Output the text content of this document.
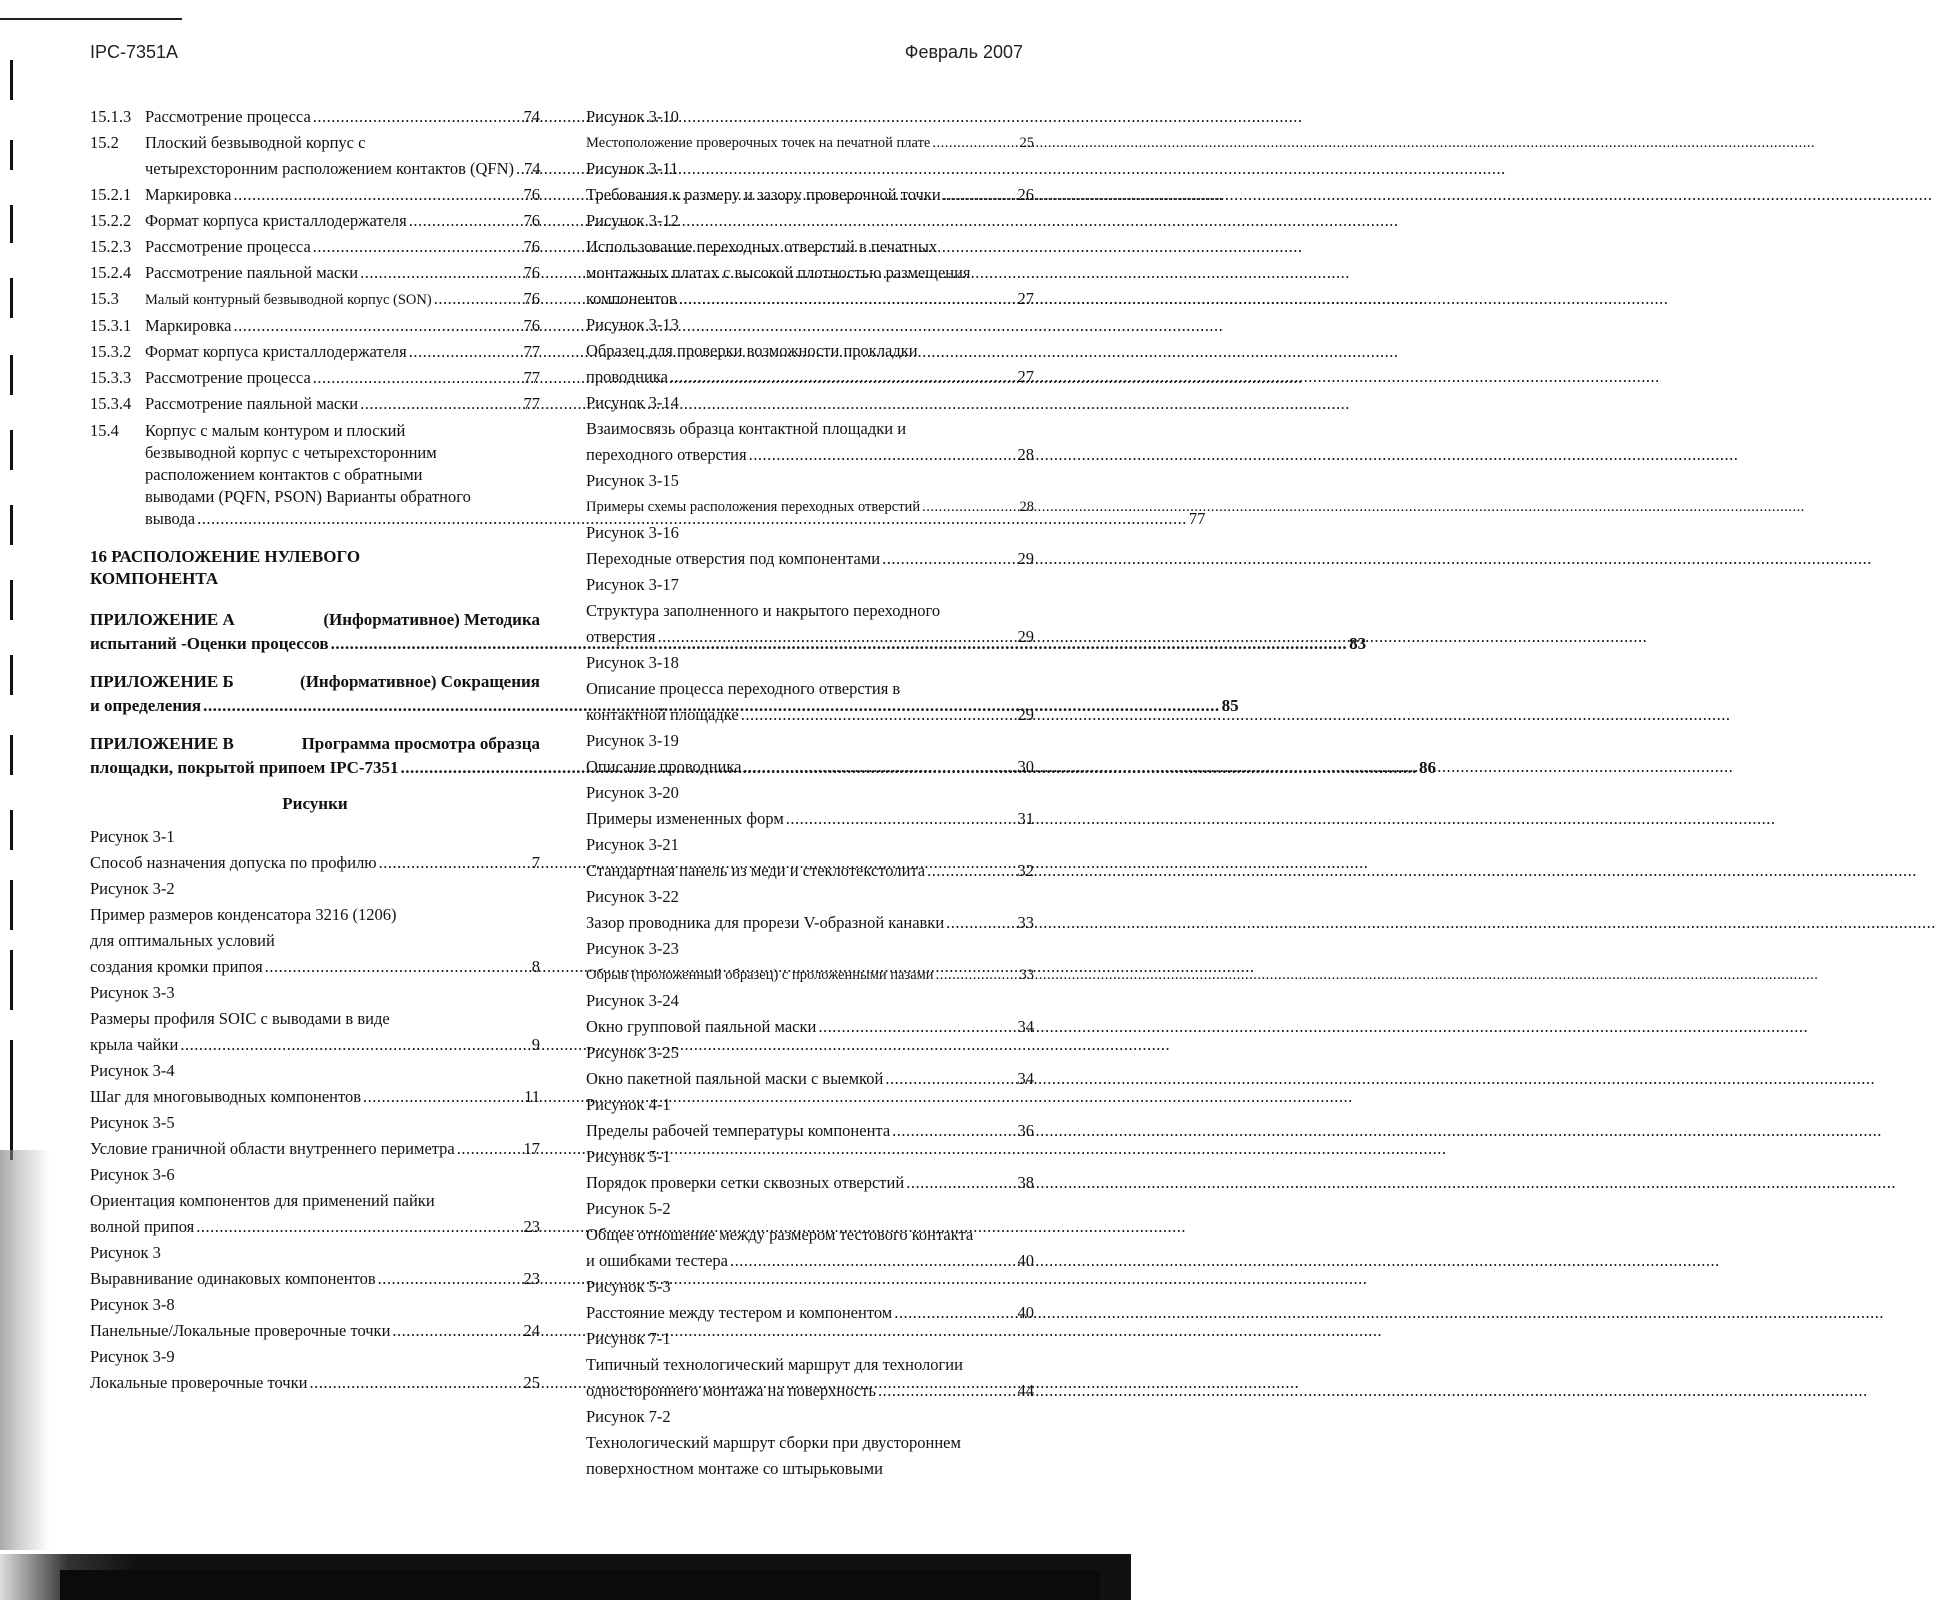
IPC-7351A	Февраль 2007
15.1.3 Рассмотрение процесса .....	74
15.2	Плоский безвыводной корпус с
четырехсторонним расположением контактов (QFN) ..... 74
15.2.1 Маркировка .....	76
15.2.2 Формат корпуса кристаллодержателя .....	76
15.2.3 Рассмотрение процесса .....	76
15.2.4 Рассмотрение паяльной маски .....	76
15.3	Малый контурный безвыводной корпус (SON) .....	76
15.3.1 Маркировка .....	76
15.3.2 Формат корпуса кристаллодержателя .....	77
15.3.3 Рассмотрение процесса .....	77
15.3.4 Рассмотрение паяльной маски .....	77
15.4	Корпус с малым контуром и плоский
безвыводной корпус с четырехсторонним
расположением контактов с обратными
выводами (PQFN, PSON) Варианты обратного
вывода .....	77
16 РАСПОЛОЖЕНИЕ НУЛЕВОГО
КОМПОНЕНТА
ПРИЛОЖЕНИЕ А	(Информативное) Методика
испытаний -Оценки процессов .....	83
ПРИЛОЖЕНИЕ Б	(Информативное) Сокращения
и определения .....	85
ПРИЛОЖЕНИЕ В	Программа просмотра образца
площадки, покрытой припоем IPC-7351 .....	86
Рисунки
Рисунок 3-1
Способ назначения допуска по профилю .....	7
Рисунок 3-2
Пример размеров конденсатора 3216 (1206)
для оптимальных условий
создания кромки припоя .....	8
Рисунок 3-3
Размеры профиля SOIC с выводами в виде
крыла чайки .....	9
Рисунок 3-4
Шаг для многовыводных компонентов .....	11
Рисунок 3-5
Условие граничной области внутреннего периметра .....	17
Рисунок 3-6
Ориентация компонентов для применений пайки
волной припоя .....	23
Рисунок 3
Выравнивание одинаковых компонентов .....	23
Рисунок 3-8
Панельные/Локальные проверочные точки .....	24
Рисунок 3-9
Локальные проверочные точки .....	25
Рисунок 3-10
Местоположение проверочных точек на печатной плате .....	25
Рисунок 3-11
Требования к размеру и зазору проверочной точки .....	26
Рисунок 3-12
Использование переходных отверстий в печатных
монтажных платах с высокой плотностью размещения
компонентов .....	27
Рисунок 3-13
Образец для проверки возможности прокладки
проводника .....	27
Рисунок 3-14
Взаимосвязь образца контактной площадки и
переходного отверстия .....	28
Рисунок 3-15
Примеры схемы расположения переходных отверстий .....	28
Рисунок 3-16
Переходные отверстия под компонентами .....	29
Рисунок 3-17
Структура заполненного и накрытого переходного
отверстия .....	29
Рисунок 3-18
Описание процесса переходного отверстия в
контактной площадке .....	29
Рисунок 3-19
Описание проводника .....	30
Рисунок 3-20
Примеры измененных форм .....	31
Рисунок 3-21
Стандартная панель из меди и стеклотекстолита .....	32
Рисунок 3-22
Зазор проводника для прорези V-образной канавки .....	33
Рисунок 3-23
Обрыв (проложенный образец) с проложенными пазами .....	33
Рисунок 3-24
Окно групповой паяльной маски .....	34
Рисунок 3-25
Окно пакетной паяльной маски с выемкой .....	34
Рисунок 4-1
Пределы рабочей температуры компонента .....	36
Рисунок 5-1
Порядок проверки сетки сквозных отверстий .....	38
Рисунок 5-2
Общее отношение между размером тестового контакта
и ошибками тестера .....	40
Рисунок 5-3
Расстояние между тестером и компонентом .....	40
Рисунок 7-1
Типичный технологический маршрут для технологии
одностороннего монтажа на поверхность .....	44
Рисунок 7-2
Технологический маршрут сборки при двустороннем
поверхностном монтаже со штырьковыми
